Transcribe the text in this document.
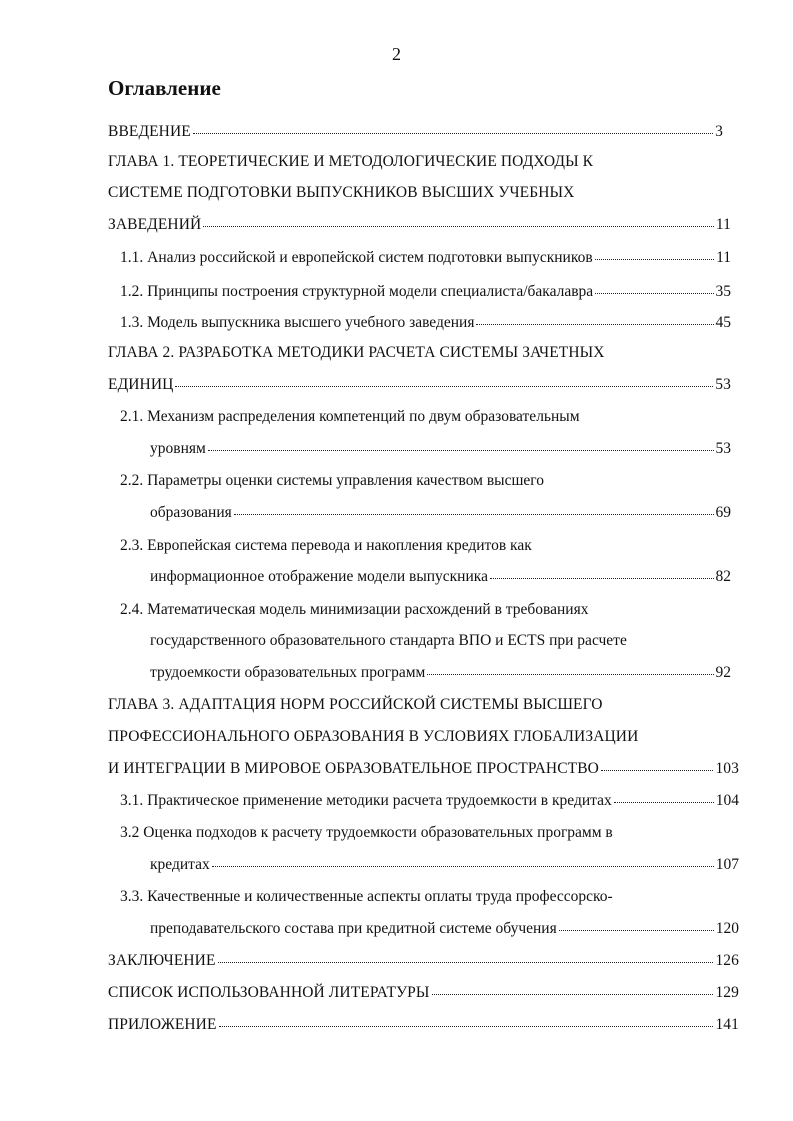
2
Оглавление
ВВЕДЕНИЕ	3
ГЛАВА 1. ТЕОРЕТИЧЕСКИЕ И МЕТОДОЛОГИЧЕСКИЕ ПОДХОДЫ К
СИСТЕМЕ ПОДГОТОВКИ ВЫПУСКНИКОВ ВЫСШИХ УЧЕБНЫХ
ЗАВЕДЕНИЙ	11
1.1. Анализ российской и европейской систем подготовки выпускников	11
1.2. Принципы построения структурной модели специалиста/бакалавра	35
1.3. Модель выпускника высшего учебного заведения	45
ГЛАВА 2. РАЗРАБОТКА МЕТОДИКИ РАСЧЕТА СИСТЕМЫ ЗАЧЕТНЫХ
ЕДИНИЦ	53
2.1. Механизм распределения компетенций по двум образовательным
уровням	53
2.2. Параметры оценки системы управления качеством высшего
образования	69
2.3. Европейская система перевода и накопления кредитов как
информационное отображение модели выпускника	82
2.4. Математическая модель минимизации расхождений в требованиях
государственного образовательного стандарта ВПО и ECTS при расчете
трудоемкости образовательных программ	92
ГЛАВА 3. АДАПТАЦИЯ НОРМ РОССИЙСКОЙ СИСТЕМЫ ВЫСШЕГО
ПРОФЕССИОНАЛЬНОГО ОБРАЗОВАНИЯ В УСЛОВИЯХ ГЛОБАЛИЗАЦИИ
И ИНТЕГРАЦИИ В МИРОВОЕ ОБРАЗОВАТЕЛЬНОЕ ПРОСТРАНСТВО	103
3.1. Практическое применение методики расчета трудоемкости в кредитах	104
3.2 Оценка подходов к расчету трудоемкости образовательных программ в
кредитах	107
3.3. Качественные и количественные аспекты оплаты труда профессорско-
преподавательского состава при кредитной системе обучения	120
ЗАКЛЮЧЕНИЕ	126
СПИСОК ИСПОЛЬЗОВАННОЙ ЛИТЕРАТУРЫ	129
ПРИЛОЖЕНИЕ	141
